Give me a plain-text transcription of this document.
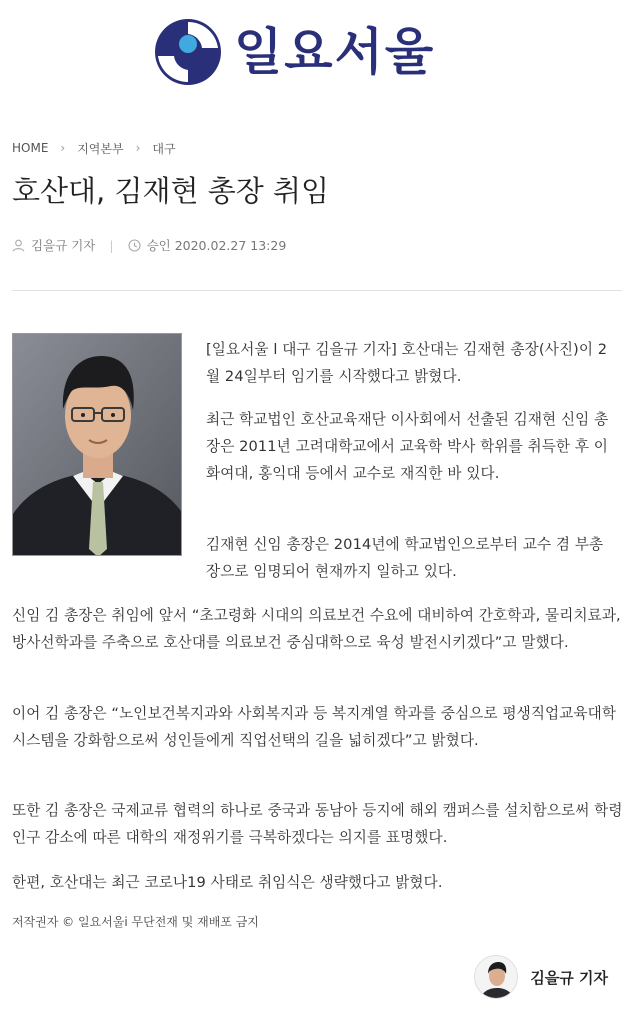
일요서울
HOME › 지역본부 › 대구
호산대, 김재현 총장 취임
김을규 기자 |	승인 2020.02.27 13:29

[일요서울 l 대구 김을규 기자] 호산대는 김재현 총장(사진)이 2월 24일부터 임기를 시작했다고 밝혔다.

최근 학교법인 호산교육재단 이사회에서 선출된 김재현 신임 총장은 2011년 고려대학교에서 교육학 박사 학위를 취득한 후 이화여대, 홍익대 등에서 교수로 재직한 바 있다.

김재현 신임 총장은 2014년에 학교법인으로부터 교수 겸 부총장으로 임명되어 현재까지 일하고 있다.

신임 김 총장은 취임에 앞서 “초고령화 시대의 의료보건 수요에 대비하여 간호학과, 물리치료과, 방사선학과를 주축으로 호산대를 의료보건 중심대학으로 육성 발전시키겠다”고 말했다.

이어 김 총장은 “노인보건복지과와 사회복지과 등 복지계열 학과를 중심으로 평생직업교육대학 시스템을 강화함으로써 성인들에게 직업선택의 길을 넓히겠다”고 밝혔다.

또한 김 총장은 국제교류 협력의 하나로 중국과 동남아 등지에 해외 캠퍼스를 설치함으로써 학령인구 감소에 따른 대학의 재정위기를 극복하겠다는 의지를 표명했다.

한편, 호산대는 최근 코로나19 사태로 취임식은 생략했다고 밝혔다.

저작권자 © 일요서울i 무단전재 및 재배포 금지
김을규 기자
